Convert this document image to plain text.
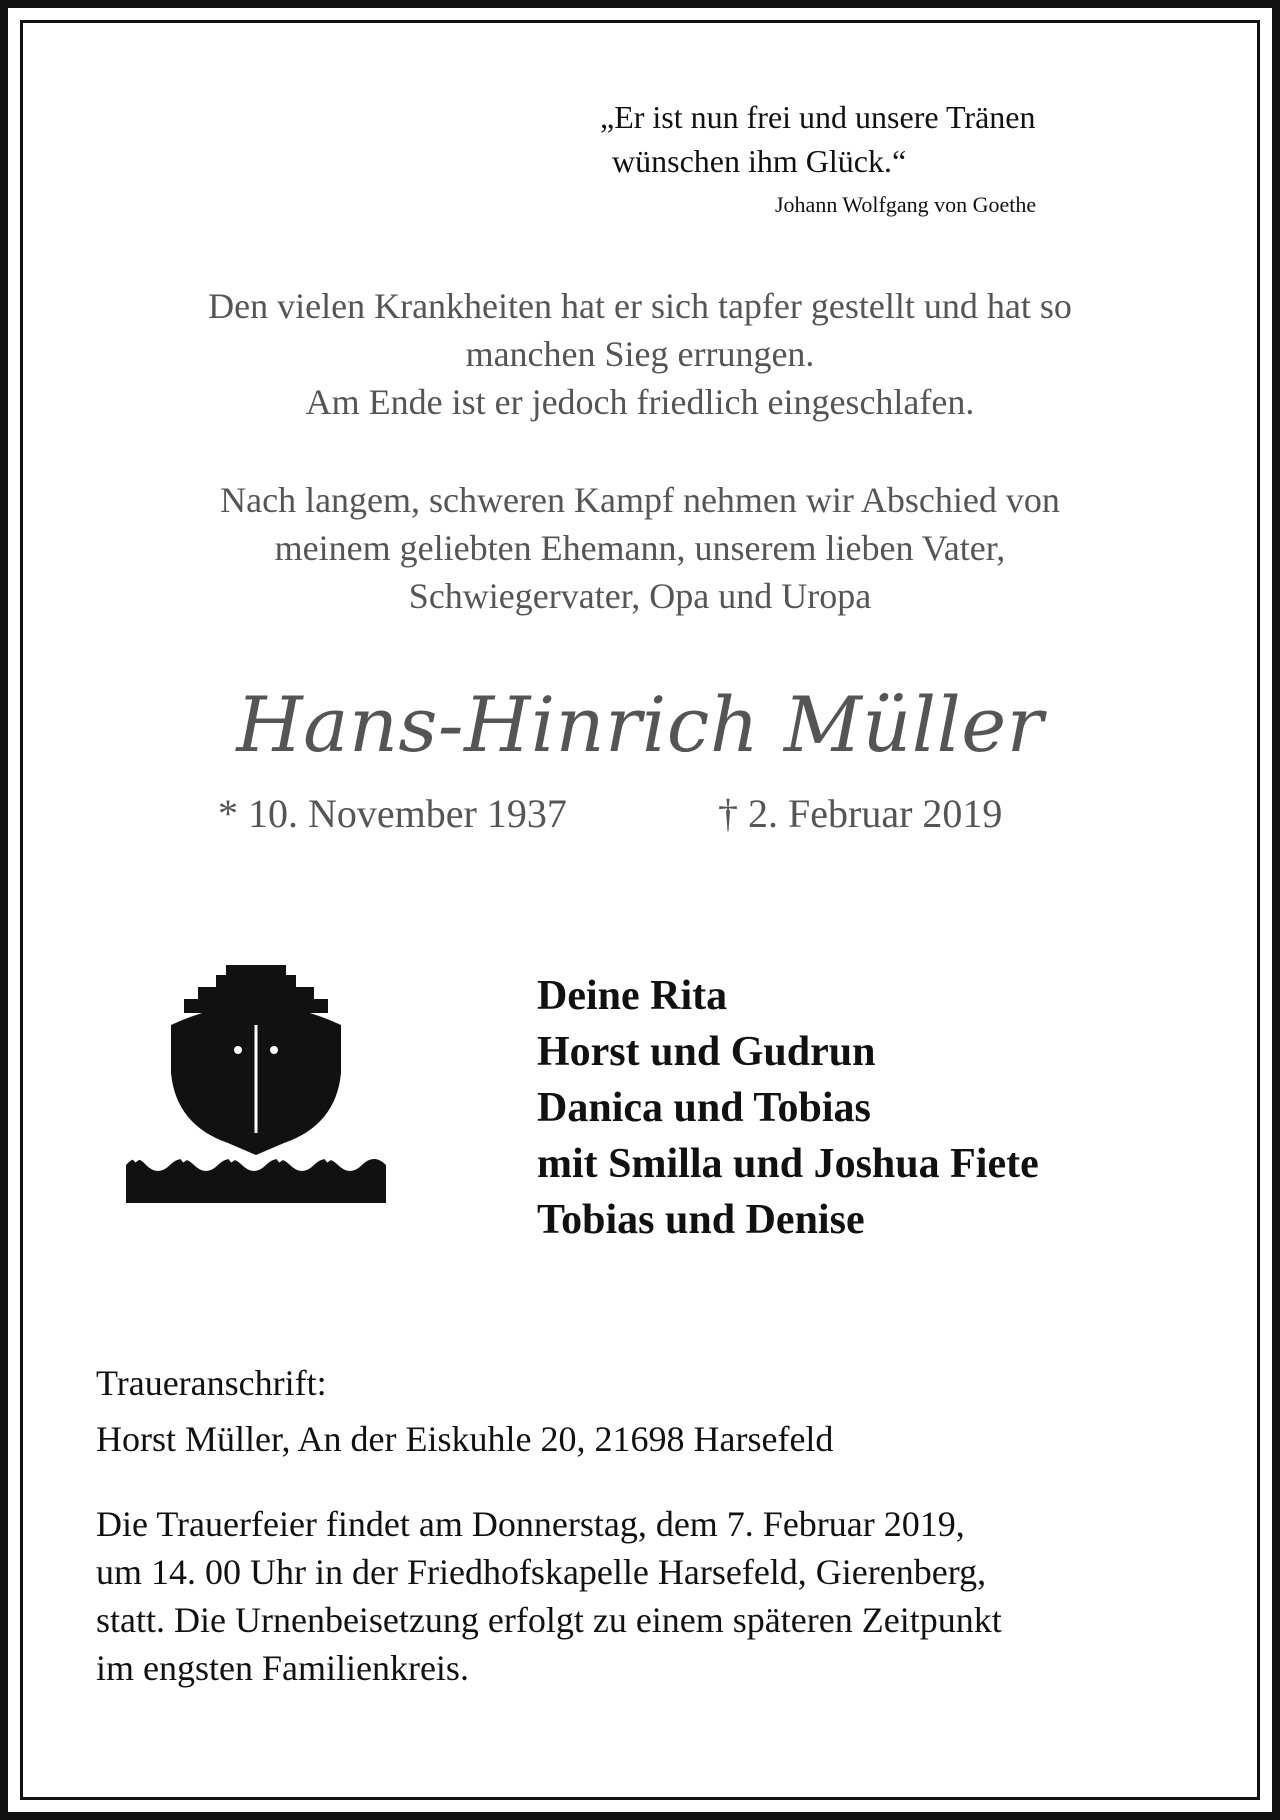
„Er ist nun frei und unsere Tränen
wünschen ihm Glück.“
Johann Wolfgang von Goethe

Den vielen Krankheiten hat er sich tapfer gestellt und hat so

manchen Sieg errungen.

Am Ende ist er jedoch friedlich eingeschlafen.

Nach langem, schweren Kampf nehmen wir Abschied von

meinem geliebten Ehemann, unserem lieben Vater,

Schwiegervater, Opa und Uropa

Hans-Hinrich Müller
* 10. November 1937	† 2. Februar 2019
Deine Rita
Horst und Gudrun
Danica und Tobias
mit Smilla und Joshua Fiete
Tobias und Denise
Traueranschrift:
Horst Müller, An der Eiskuhle 20, 21698 Harsefeld
Die Trauerfeier findet am Donnerstag, dem 7. Februar 2019,
um 14. 00 Uhr in der Friedhofskapelle Harsefeld, Gierenberg,
statt. Die Urnenbeisetzung erfolgt zu einem späteren Zeitpunkt
im engsten Familienkreis.
